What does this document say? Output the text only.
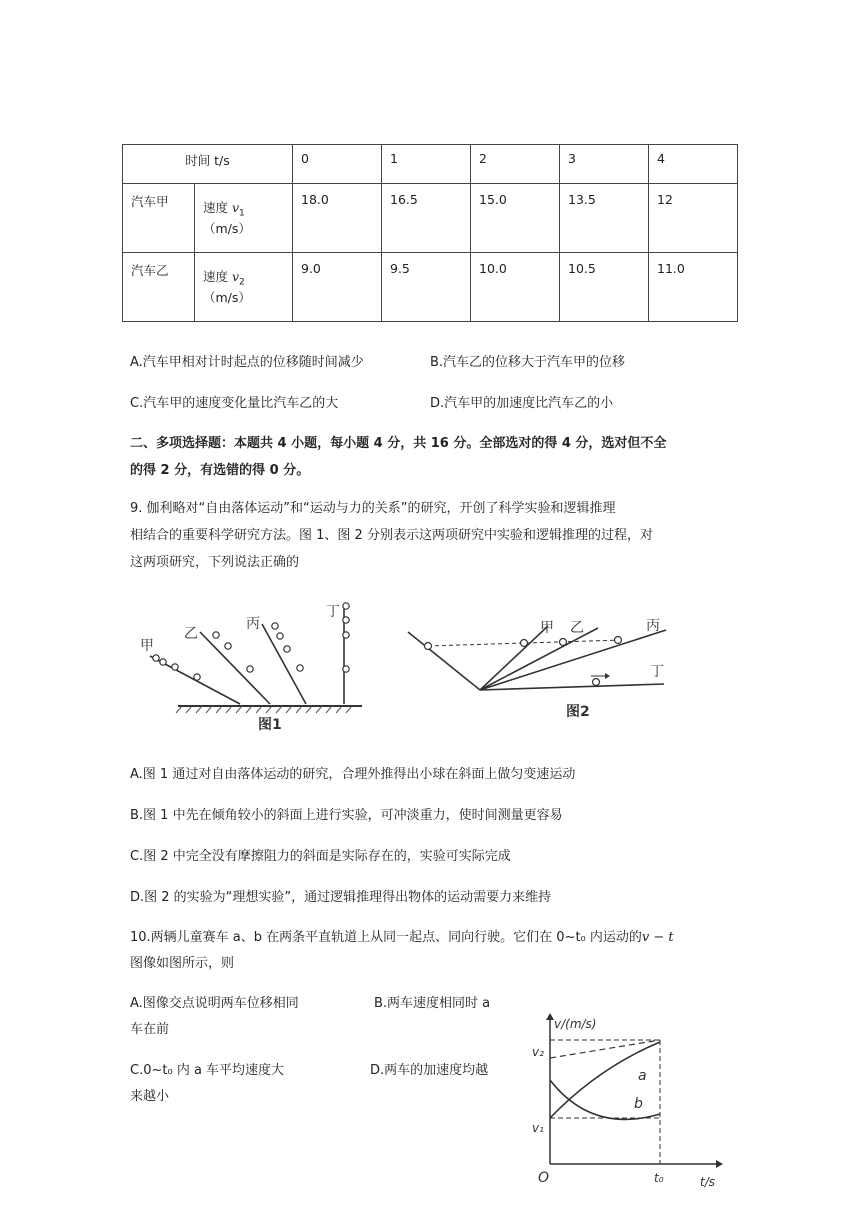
时间 t/s		0	1	2	3	4
汽车甲	速度 $v_1(m/s)$	18.0	16.5	15.0	13.5	12
汽车乙	速度 $v_2(m/s)$	9.0	9.5	10.0	10.5	11.0
A.汽车甲相对计时起点的位移随时间减少	B.汽车乙的位移大于汽车甲的位移
C.汽车甲的速度变化量比汽车乙的大	D.汽车甲的加速度比汽车乙的小
二、多项选择题：本题共 4 小题，每小题 4 分，共 16 分。全部选对的得 4 分，选对但不全
的得 2 分，有选错的得 0 分。
9. 伽利略对“自由落体运动”和“运动与力的关系”的研究，开创了科学实验和逻辑推理
相结合的重要科学研究方法。图 1、图 2 分别表示这两项研究中实验和逻辑推理的过程，对
这两项研究，下列说法正确的
甲
乙
丙
丁
图1
甲 乙	丙
丁
图2
A.图 1 通过对自由落体运动的研究，合理外推得出小球在斜面上做匀变速运动
B.图 1 中先在倾角较小的斜面上进行实验，可冲淡重力，使时间测量更容易
C.图 2 中完全没有摩擦阻力的斜面是实际存在的，实验可实际完成
D.图 2 的实验为“理想实验”，通过逻辑推理得出物体的运动需要力来维持
10.两辆儿童赛车 a、b 在两条平直轨道上从同一起点、同向行驶。它们在 0~t₀ 内运动的v − t
图像如图所示，则
A.图像交点说明两车位移相同	B.两车速度相同时 a
车在前
C.0~t₀ 内 a 车平均速度大	D.两车的加速度均越
来越小
v/(m/s)
t/s
O
v₂
v₁
t₀
a
b
